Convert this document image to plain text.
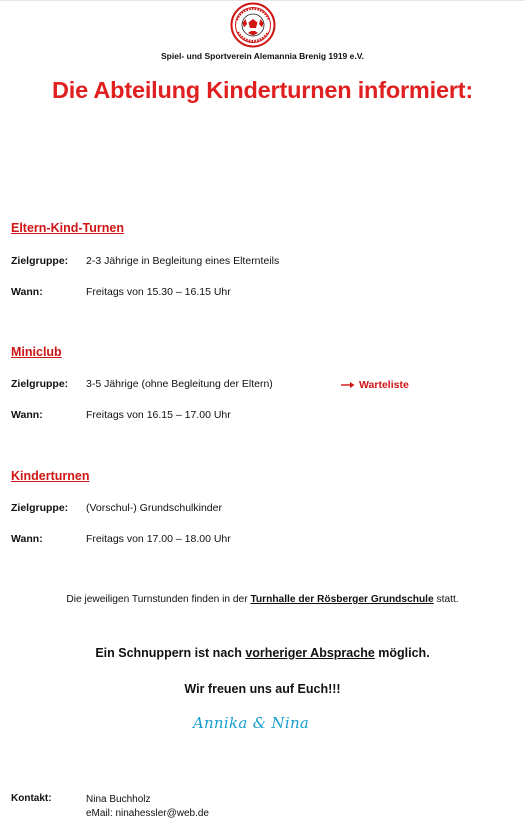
Spiel- und Sportverein Alemannia Brenig 1919 e.V.
Die Abteilung Kinderturnen informiert:
Eltern-Kind-Turnen
Zielgruppe: 2-3 Jährige in Begleitung eines Elternteils
Wann:	Freitags von 15.30 – 16.15 Uhr
Miniclub
Zielgruppe: 3-5 Jährige (ohne Begleitung der Eltern)	Warteliste
Wann:	Freitags von 16.15 – 17.00 Uhr
Kinderturnen
Zielgruppe: (Vorschul-) Grundschulkinder
Wann:	Freitags von 17.00 – 18.00 Uhr
Die jeweiligen Turnstunden finden in der Turnhalle der Rösberger Grundschule statt.
Ein Schnuppern ist nach vorheriger Absprache möglich.
Wir freuen uns auf Euch!!!
Annika & Nina
Kontakt:	Nina Buchholz
eMail: ninahessler@web.de
